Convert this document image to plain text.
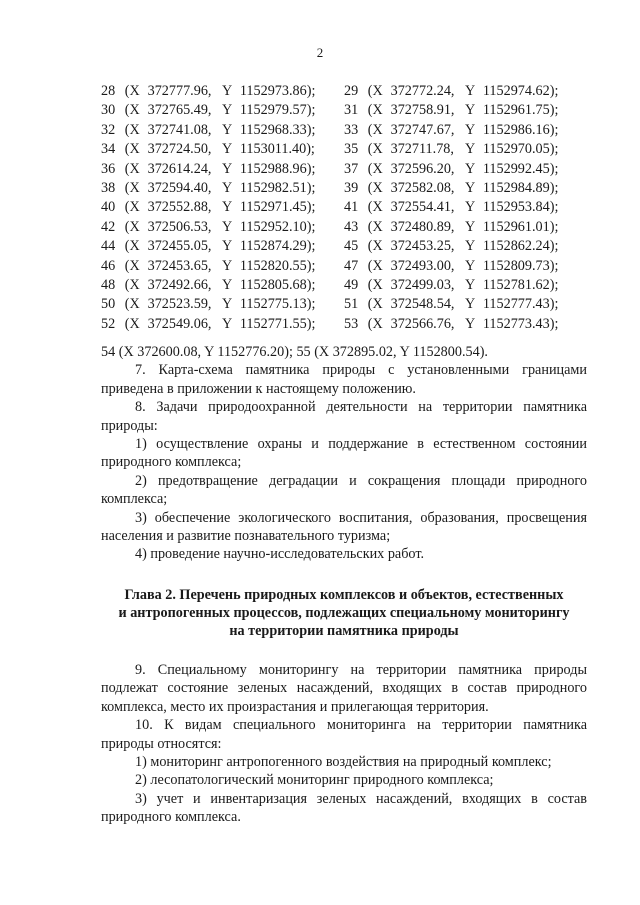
2
28 (X 372777.96, Y 1152973.86);	29 (X 372772.24, Y 1152974.62);
30 (X 372765.49, Y 1152979.57);	31 (X 372758.91, Y 1152961.75);
32 (X 372741.08, Y 1152968.33);	33 (X 372747.67, Y 1152986.16);
34 (X 372724.50, Y 1153011.40);	35 (X 372711.78, Y 1152970.05);
36 (X 372614.24, Y 1152988.96);	37 (X 372596.20, Y 1152992.45);
38 (X 372594.40, Y 1152982.51);	39 (X 372582.08, Y 1152984.89);
40 (X 372552.88, Y 1152971.45);	41 (X 372554.41, Y 1152953.84);
42 (X 372506.53, Y 1152952.10);	43 (X 372480.89, Y 1152961.01);
44 (X 372455.05, Y 1152874.29);	45 (X 372453.25, Y 1152862.24);
46 (X 372453.65, Y 1152820.55);	47 (X 372493.00, Y 1152809.73);
48 (X 372492.66, Y 1152805.68);	49 (X 372499.03, Y 1152781.62);
50 (X 372523.59, Y 1152775.13);	51 (X 372548.54, Y 1152777.43);
52 (X 372549.06, Y 1152771.55);	53 (X 372566.76, Y 1152773.43);

54 (X 372600.08, Y 1152776.20); 55 (X 372895.02, Y 1152800.54).

7. Карта-схема памятника природы с установленными границами приведена в приложении к настоящему положению.

8. Задачи природоохранной деятельности на территории памятника природы:

1) осуществление охраны и поддержание в естественном состоянии природного комплекса;

2) предотвращение деградации и сокращения площади природного комплекса;

3) обеспечение экологического воспитания, образования, просвещения населения и развитие познавательного туризма;

4) проведение научно-исследовательских работ.

Глава 2. Перечень природных комплексов и объектов, естественных
и антропогенных процессов, подлежащих специальному мониторингу
на территории памятника природы

9. Специальному мониторингу на территории памятника природы подлежат состояние зеленых насаждений, входящих в состав природного комплекса, место их произрастания и прилегающая территория.

10. К видам специального мониторинга на территории памятника природы относятся:

1) мониторинг антропогенного воздействия на природный комплекс;

2) лесопатологический мониторинг природного комплекса;

3) учет и инвентаризация зеленых насаждений, входящих в состав природного комплекса.
